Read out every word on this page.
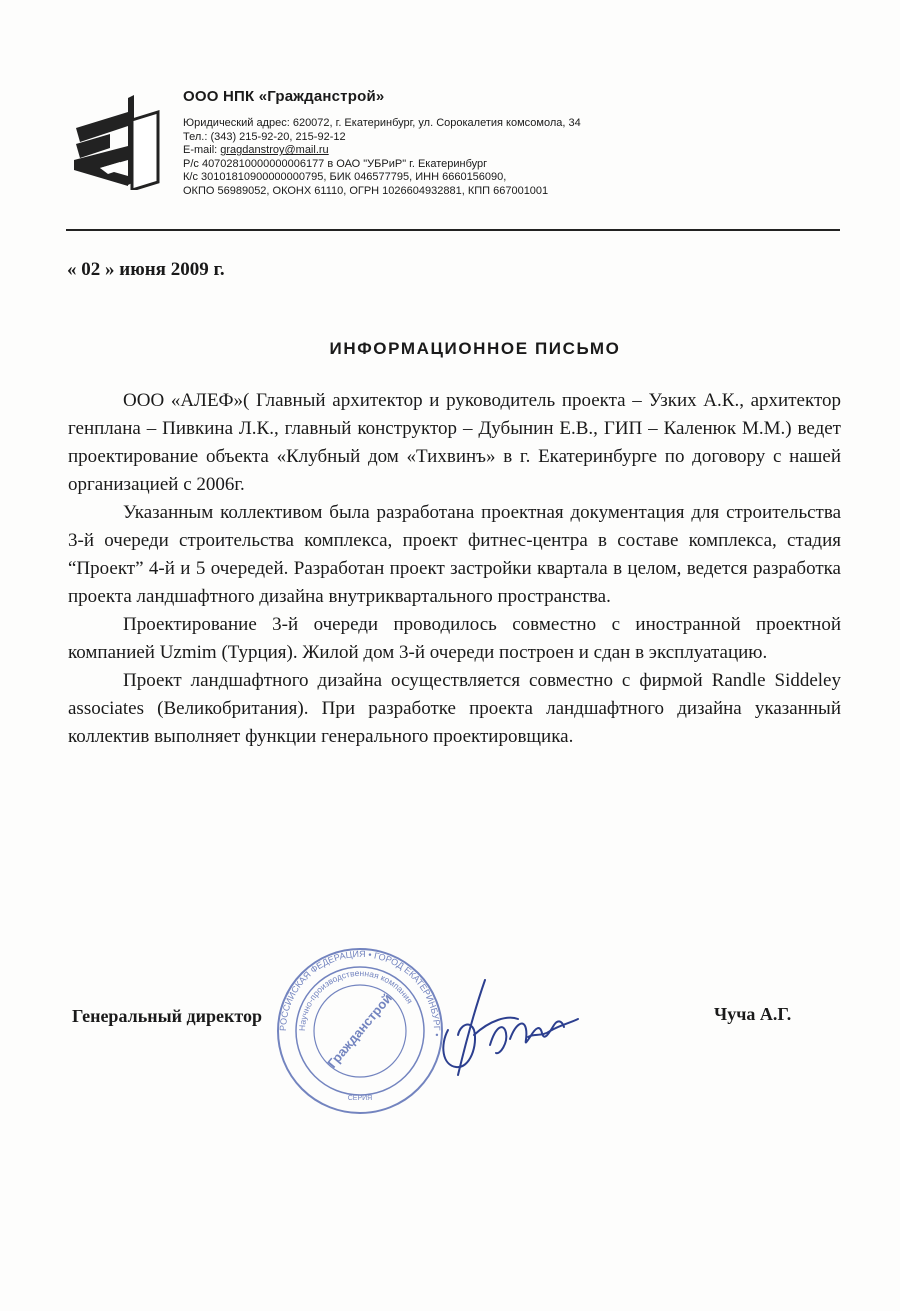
ООО НПК «Гражданстрой»

Юридический адрес: 620072, г. Екатеринбург, ул. Сорокалетия комсомола, 34

Тел.: (343) 215-92-20, 215-92-12

E-mail: gragdanstroy@mail.ru

Р/с 40702810000000006177 в ОАО "УБРиР" г. Екатеринбург

К/с 30101810900000000795, БИК 046577795, ИНН 6660156090,

ОКПО 56989052, ОКОНХ 61110, ОГРН 1026604932881, КПП 667001001

« 02 » июня 2009 г.
ИНФОРМАЦИОННОЕ ПИСЬМО

ООО «АЛЕФ»( Главный архитектор и руководитель проекта – Узких А.К., архитектор генплана – Пивкина Л.К., главный конструктор – Дубынин Е.В., ГИП – Каленюк М.М.) ведет проектирование объекта «Клубный дом «Тихвинъ» в г. Екатеринбурге по договору с нашей организацией с 2006г.

Указанным коллективом была разработана проектная документация для строительства 3-й очереди строительства комплекса, проект фитнес-центра в составе комплекса, стадия “Проект” 4-й и 5 очередей. Разработан проект застройки квартала в целом, ведется разработка проекта ландшафтного дизайна внутриквартального пространства.

Проектирование 3-й очереди проводилось совместно с иностранной проектной компанией Uzmim (Турция). Жилой дом 3-й очереди построен и сдан в эксплуатацию.

Проект ландшафтного дизайна осуществляется совместно с фирмой Randle Siddeley associates (Великобритания). При разработке проекта ландшафтного дизайна указанный коллектив выполняет функции генерального проектировщика.

РОССИЙСКАЯ ФЕДЕРАЦИЯ • ГОРОД ЕКАТЕРИНБУРГ •
Научно-производственная компания
Гражданстрой
СЕРИЯ
Генеральный директор	Чуча А.Г.
